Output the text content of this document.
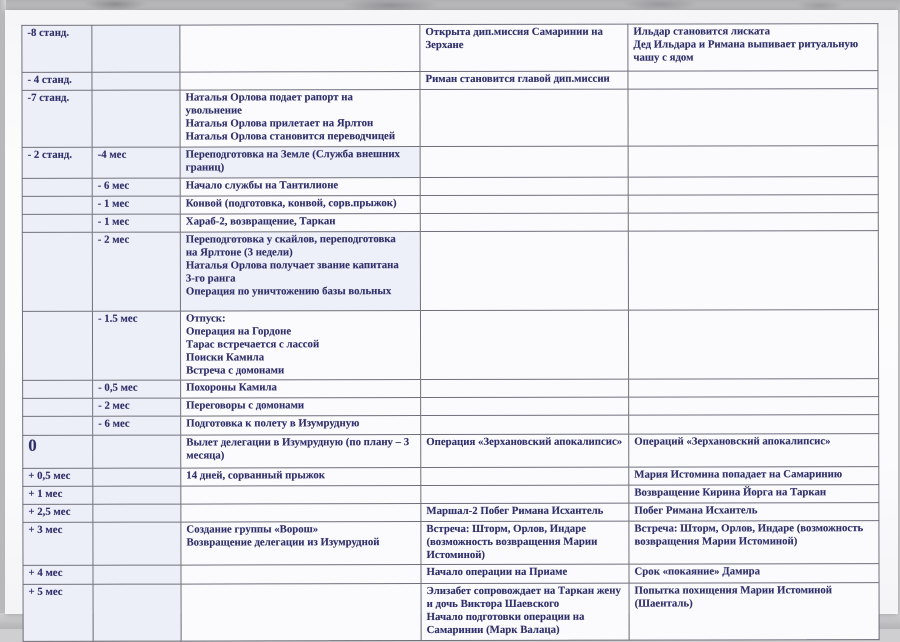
-8 станд.			Открыта дип.миссия Самаринии на
Зерхане	Ильдар становится лиската
Дед Ильдара и Римана выпивает ритуальную
чашу с ядом
- 4 станд.			Риман становится главой дип.миссии	
-7 станд.		Наталья Орлова подает рапорт на
увольнение
Наталья Орлова прилетает на Ярлтон
Наталья Орлова становится переводчицей		
- 2 станд.	-4 мес	Переподготовка на Земле (Служба внешних
границ)		
	- 6 мес	Начало службы на Тантилионе		
	- 1 мес	Конвой (подготовка, конвой, сорв.прыжок)		
	- 1 мес	Хараб-2, возвращение, Таркан		
	- 2 мес	Переподготовка у скайлов, переподготовка
на Ярлтоне (3 недели)
Наталья Орлова получает звание капитана
3-го ранга
Операция по уничтожению базы вольных		
	- 1.5 мес	Отпуск:
Операция на Гордоне
Тарас встречается с лассой
Поиски Камила
Встреча с домонами		
	- 0,5 мес	Похороны Камила		
	- 2 мес	Переговоры с домонами		
	- 6 мес	Подготовка к полету в Изумрудную		
0		Вылет делегации в Изумрудную (по плану – 3
месяца)	Операция «Зерхановский апокалипсис»	Операций «Зерхановский апокалипсис»
+ 0,5 мес		14 дней, сорванный прыжок		Мария Истомина попадает на Самаринию
+ 1 мес				Возвращение Кирина Йорга на Таркан
+ 2,5 мес			Маршал-2 Побег Римана Исхантель	Побег Римана Исхантель
+ 3 мес		Создание группы «Ворош»
Возвращение делегации из Изумрудной	Встреча: Шторм, Орлов, Индаре
(возможность возвращения Марии
Истоминой)	Встреча: Шторм, Орлов, Индаре (возможность
возвращения Марии Истоминой)
+ 4 мес			Начало операции на Приаме	Срок «покаяние» Дамира
+ 5 мес			Элизабет сопровождает на Таркан жену
и дочь Виктора Шаевского
Начало подготовки операции на
Самаринии (Марк Валаца)	Попытка похищения Марии Истоминой
(Шаенталь)
